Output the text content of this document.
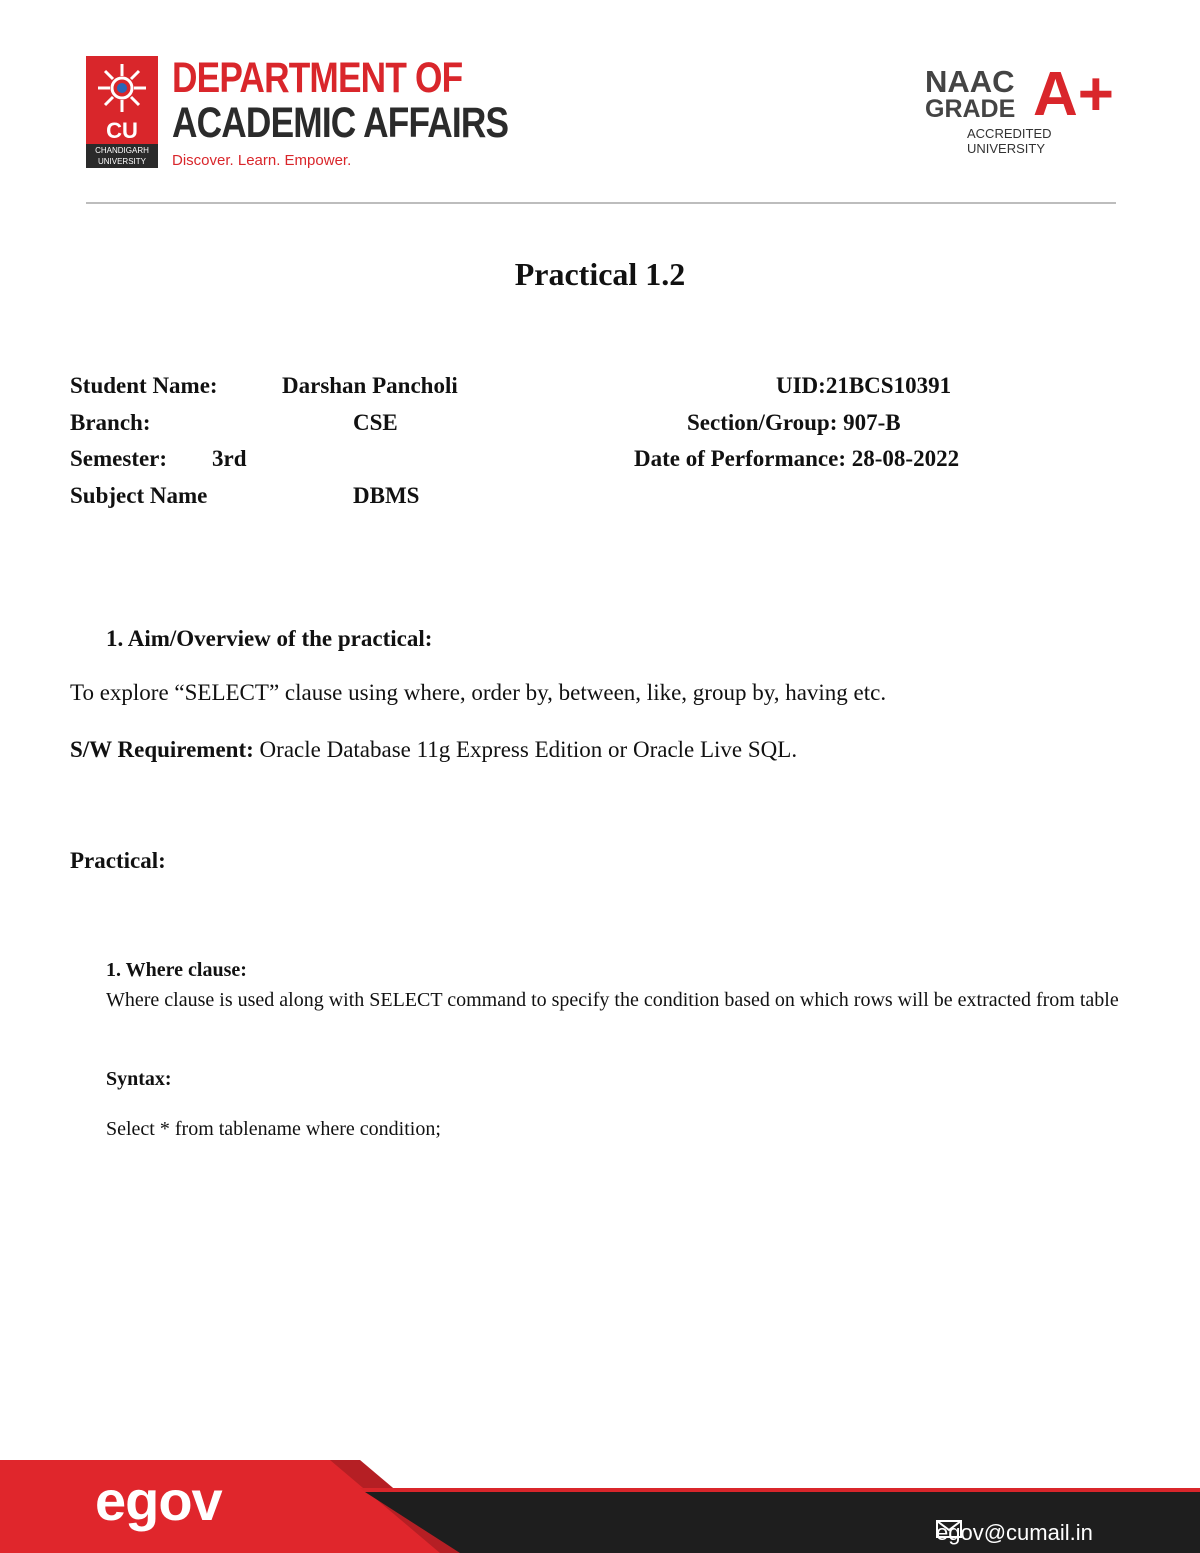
CU
CHANDIGARH UNIVERSITY
DEPARTMENT OF
ACADEMIC AFFAIRS
Discover. Learn. Empower.
NAAC
GRADE A+
ACCREDITED UNIVERSITY
Practical 1.2
Student Name:	Darshan Pancholi	UID:21BCS10391
Branch:	CSE	Section/Group: 907-B
Semester: 3rd	Date of Performance: 28-08-2022
Subject Name	DBMS
1. Aim/Overview of the practical:
To explore “SELECT” clause using where, order by, between, like, group by, having etc.
S/W Requirement: Oracle Database 11g Express Edition or Oracle Live SQL.
Practical:
1. Where clause:
Where clause is used along with SELECT command to specify the condition based on which rows will be extracted from table
Syntax:
Select * from tablename where condition;
egov
egov@cumail.in
